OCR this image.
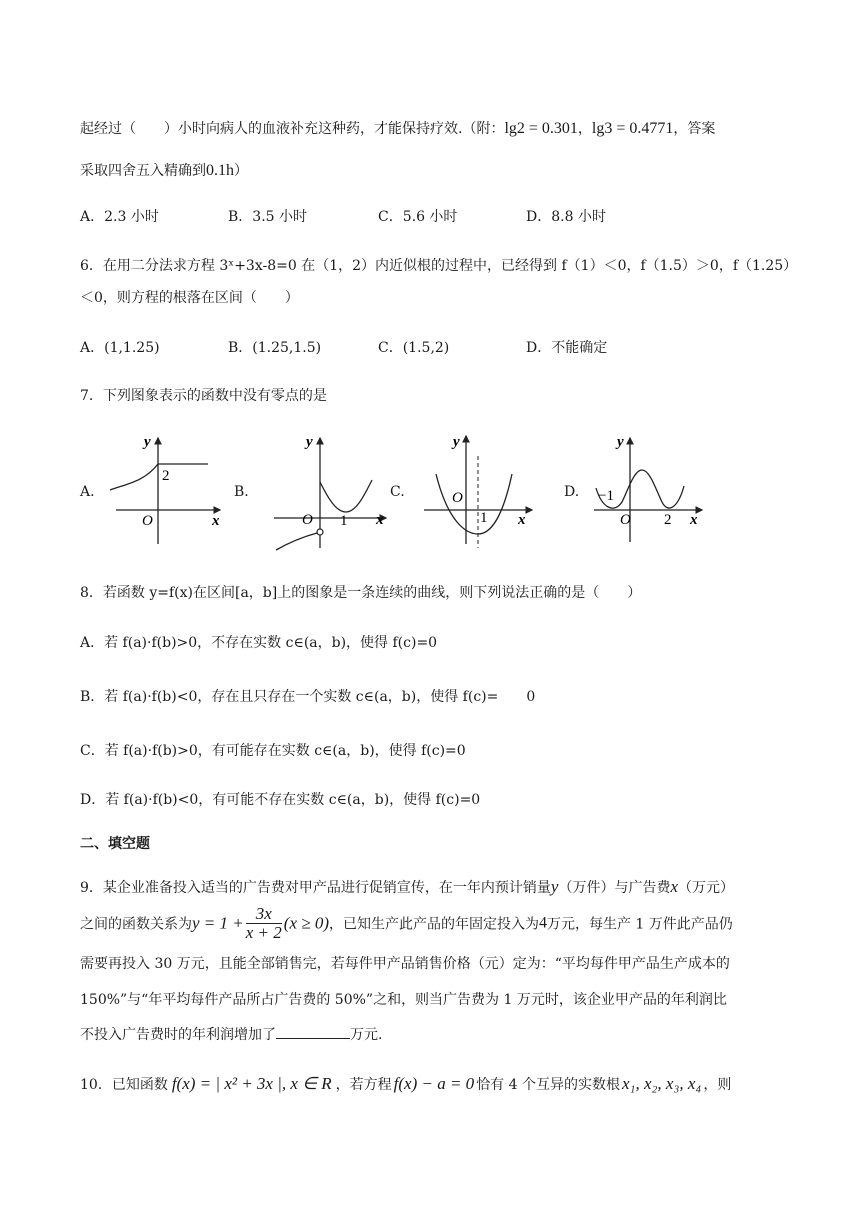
起经过（　　）小时向病人的血液补充这种药，才能保持疗效.（附：lg2 = 0.301，lg3 = 0.4771，答案
采取四舍五入精确到0.1h）
A．2.3 小时	B．3.5 小时	C．5.6 小时	D．8.8 小时
6．在用二分法求方程 3ˣ+3x-8=0 在（1，2）内近似根的过程中，已经得到 f（1）＜0，f（1.5）＞0，f（1.25）
＜0，则方程的根落在区间（　　）
A．(1,1.25)	B．(1.25,1.5)	C．(1.5,2)	D．不能确定
7．下列图象表示的函数中没有零点的是
A.	B.	C.	D.
y
x
O
2
y
x
O 1
y
x
O
1
y
x
O
−1
2
8．若函数 y=f(x)在区间[a，b]上的图象是一条连续的曲线，则下列说法正确的是（　　）
A．若 f(a)·f(b)>0，不存在实数 c∈(a，b)，使得 f(c)=0
B．若 f(a)·f(b)<0，存在且只存在一个实数 c∈(a，b)，使得 f(c)= 0
C．若 f(a)·f(b)>0，有可能存在实数 c∈(a，b)，使得 f(c)=0
D．若 f(a)·f(b)<0，有可能不存在实数 c∈(a，b)，使得 f(c)=0
二、填空题
9．某企业准备投入适当的广告费对甲产品进行促销宣传，在一年内预计销量y（万件）与广告费x（万元）
之间的函数关系为$y = 1 + \frac{3x}{x + 2} (x \ge 0)$，已知生产此产品的年固定投入为4万元，每生产 1 万件此产品仍
需要再投入 30 万元，且能全部销售完，若每件甲产品销售价格（元）定为：“平均每件甲产品生产成本的
150%”与“年平均每件产品所占广告费的 50%”之和，则当广告费为 1 万元时，该企业甲产品的年利润比
不投入广告费时的年利润增加了	万元.
10．已知函数 f(x) = | x² + 3x |, x ∈ R ，若方程 f(x) − a = 0 恰有 4 个互异的实数根 x₁, x₂, x₃, x₄ ，则
